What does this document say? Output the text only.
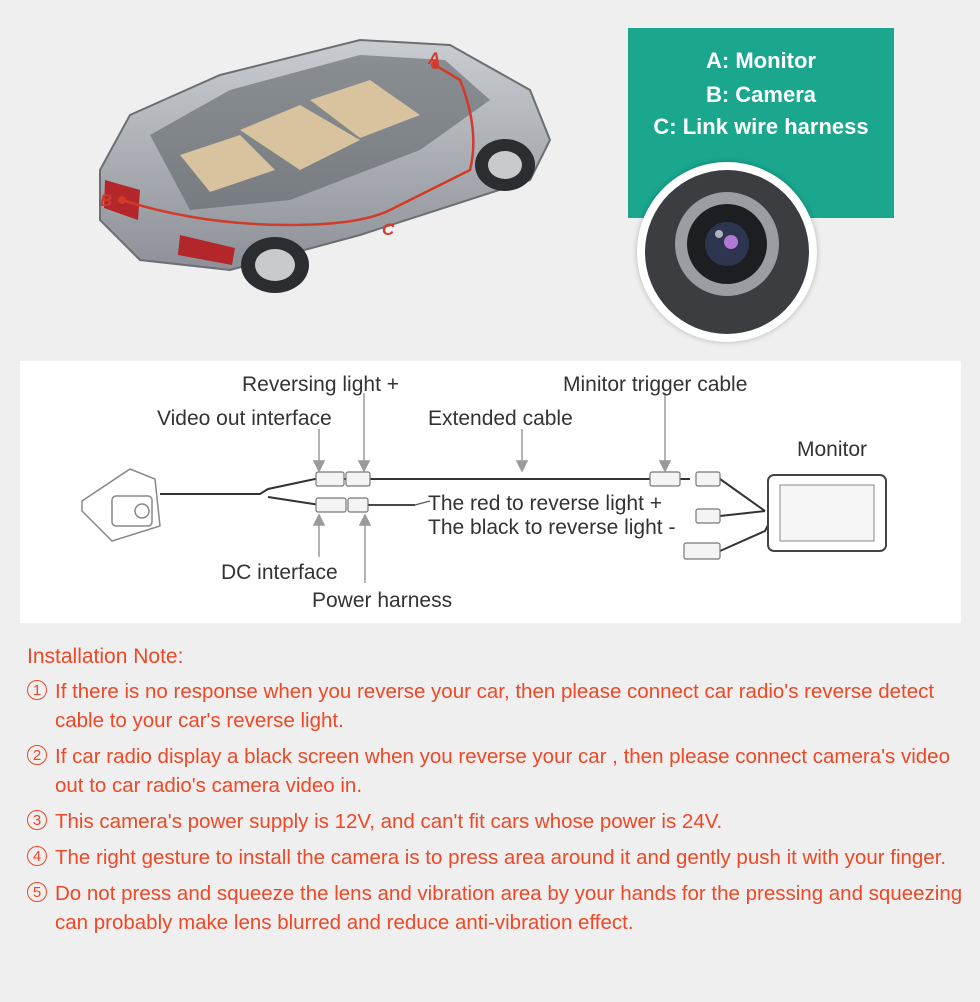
B
A
C
A: Monitor
B: Camera
C: Link wire harness
Reversing light +
Video out interface	Extended cable
Minitor trigger cable
Monitor
The red to reverse light +
The black to reverse light -
DC interface
Power harness
Installation Note:
1 If there is no response when you reverse your car, then please connect car radio's reverse detect cable to your car's reverse light.
2 If car radio display a black screen when you reverse your car , then please connect camera's video out to car radio's camera video in.
3 This camera's power supply is 12V, and can't fit cars whose power is 24V.
4 The right gesture to install the camera is to press area around it and gently push it with your finger.
5 Do not press and squeeze the lens and vibration area by your hands for the pressing and squeezing can probably make lens blurred and reduce anti-vibration effect.
